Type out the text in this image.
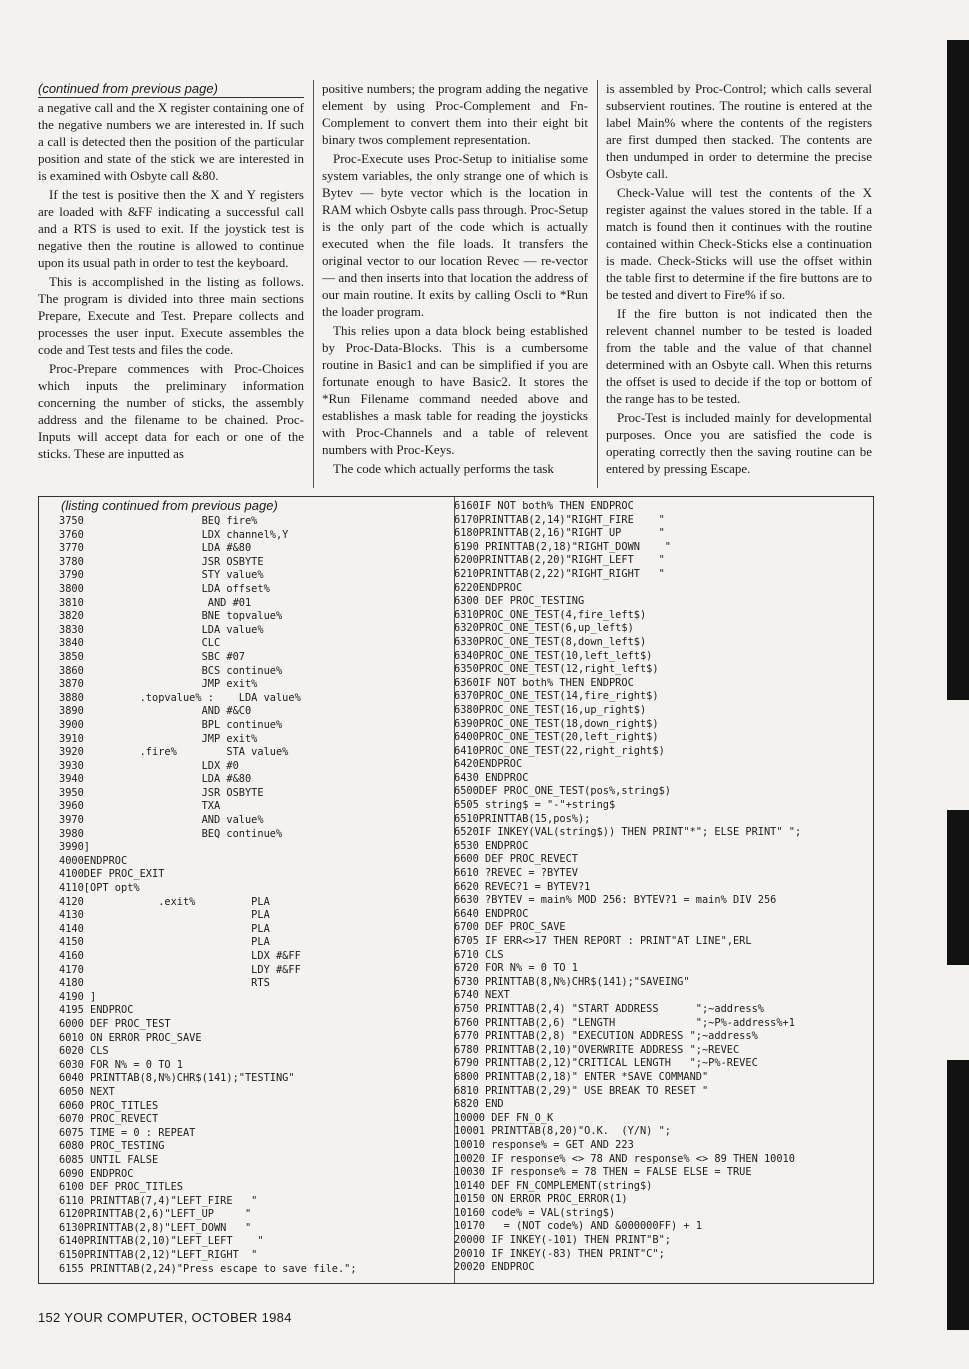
(continued from previous page)

a negative call and the X register containing one of the negative numbers we are interested in. If such a call is detected then the position of the particular position and state of the stick we are interested in is examined with Osbyte call &80.

If the test is positive then the X and Y registers are loaded with &FF indicating a successful call and a RTS is used to exit. If the joystick test is negative then the routine is allowed to continue upon its usual path in order to test the keyboard.

This is accomplished in the listing as follows. The program is divided into three main sections Prepare, Execute and Test. Prepare collects and processes the user input. Execute assembles the code and Test tests and files the code.

Proc-Prepare commences with Proc-Choices which inputs the preliminary information concerning the number of sticks, the assembly address and the filename to be chained. Proc-Inputs will accept data for each or one of the sticks. These are inputted as

positive numbers; the program adding the negative element by using Proc-Complement and Fn-Complement to convert them into their eight bit binary twos complement representation.

Proc-Execute uses Proc-Setup to initialise some system variables, the only strange one of which is Bytev — byte vector which is the location in RAM which Osbyte calls pass through. Proc-Setup is the only part of the code which is actually executed when the file loads. It transfers the original vector to our location Revec — re-vector — and then inserts into that location the address of our main routine. It exits by calling Oscli to *Run the loader program.

This relies upon a data block being established by Proc-Data-Blocks. This is a cumbersome routine in Basic1 and can be simplified if you are fortunate enough to have Basic2. It stores the *Run Filename command needed above and establishes a mask table for reading the joysticks with Proc-Channels and a table of relevent numbers with Proc-Keys.

The code which actually performs the task

is assembled by Proc-Control; which calls several subservient routines. The routine is entered at the label Main% where the contents of the registers are first dumped then stacked. The contents are then undumped in order to determine the precise Osbyte call.

Check-Value will test the contents of the X register against the values stored in the table. If a match is found then it continues with the routine contained within Check-Sticks else a continuation is made. Check-Sticks will use the offset within the table first to determine if the fire buttons are to be tested and divert to Fire% if so.

If the fire button is not indicated then the relevent channel number to be tested is loaded from the table and the value of that channel determined with an Osbyte call. When this returns the offset is used to decide if the top or bottom of the range has to be tested.

Proc-Test is included mainly for developmental purposes. Once you are satisfied the code is operating correctly then the saving routine can be entered by pressing Escape.

(listing continued from previous page)
3750                   BEQ fire%
3760                   LDX channel%,Y
3770                   LDA #&80
3780                   JSR OSBYTE
3790                   STY value%
3800                   LDA offset%
3810                    AND #01
3820                   BNE topvalue%
3830                   LDA value%
3840                   CLC
3850                   SBC #07
3860                   BCS continue%
3870                   JMP exit%
3880         .topvalue% :    LDA value%
3890                   AND #&C0
3900                   BPL continue%
3910                   JMP exit%
3920         .fire%        STA value%
3930                   LDX #0
3940                   LDA #&80
3950                   JSR OSBYTE
3960                   TXA
3970                   AND value%
3980                   BEQ continue%
3990]
4000ENDPROC
4100DEF PROC_EXIT
4110[OPT opt%
4120            .exit%         PLA
4130                           PLA
4140                           PLA
4150                           PLA
4160                           LDX #&FF
4170                           LDY #&FF
4180                           RTS
4190 ]
4195 ENDPROC
6000 DEF PROC_TEST
6010 ON ERROR PROC_SAVE
6020 CLS
6030 FOR N% = 0 TO 1
6040 PRINTTAB(8,N%)CHR$(141);"TESTING"
6050 NEXT
6060 PROC_TITLES
6070 PROC_REVECT
6075 TIME = 0 : REPEAT
6080 PROC_TESTING
6085 UNTIL FALSE
6090 ENDPROC
6100 DEF PROC_TITLES
6110 PRINTTAB(7,4)"LEFT_FIRE   "
6120PRINTTAB(2,6)"LEFT_UP     "
6130PRINTTAB(2,8)"LEFT_DOWN   "
6140PRINTTAB(2,10)"LEFT_LEFT    "
6150PRINTTAB(2,12)"LEFT_RIGHT  "
6155 PRINTTAB(2,24)"Press escape to save file.";

6160IF NOT both% THEN ENDPROC
6170PRINTTAB(2,14)"RIGHT_FIRE    "
6180PRINTTAB(2,16)"RIGHT UP      "
6190 PRINTTAB(2,18)"RIGHT_DOWN    "
6200PRINTTAB(2,20)"RIGHT_LEFT    "
6210PRINTTAB(2,22)"RIGHT_RIGHT   "
6220ENDPROC
6300 DEF PROC_TESTING
6310PROC_ONE_TEST(4,fire_left$)
6320PROC_ONE_TEST(6,up_left$)
6330PROC_ONE_TEST(8,down_left$)
6340PROC_ONE_TEST(10,left_left$)
6350PROC_ONE_TEST(12,right_left$)
6360IF NOT both% THEN ENDPROC
6370PROC_ONE_TEST(14,fire_right$)
6380PROC_ONE_TEST(16,up_right$)
6390PROC_ONE_TEST(18,down_right$)
6400PROC_ONE_TEST(20,left_right$)
6410PROC_ONE_TEST(22,right_right$)
6420ENDPROC
6430 ENDPROC
6500DEF PROC_ONE_TEST(pos%,string$)
6505 string$ = "-"+string$
6510PRINTTAB(15,pos%);
6520IF INKEY(VAL(string$)) THEN PRINT"*"; ELSE PRINT" ";
6530 ENDPROC
6600 DEF PROC_REVECT
6610 ?REVEC = ?BYTEV
6620 REVEC?1 = BYTEV?1
6630 ?BYTEV = main% MOD 256: BYTEV?1 = main% DIV 256
6640 ENDPROC
6700 DEF PROC_SAVE
6705 IF ERR<>17 THEN REPORT : PRINT"AT LINE",ERL
6710 CLS
6720 FOR N% = 0 TO 1
6730 PRINTTAB(8,N%)CHR$(141);"SAVEING"
6740 NEXT
6750 PRINTTAB(2,4) "START ADDRESS      ";~address%
6760 PRINTTAB(2,6) "LENGTH             ";~P%-address%+1
6770 PRINTTAB(2,8) "EXECUTION ADDRESS ";~address%
6780 PRINTTAB(2,10)"OVERWRITE ADDRESS ";~REVEC
6790 PRINTTAB(2,12)"CRITICAL LENGTH   ";~P%-REVEC
6800 PRINTTAB(2,18)" ENTER *SAVE COMMAND"
6810 PRINTTAB(2,29)" USE BREAK TO RESET "
6820 END
10000 DEF FN_O_K
10001 PRINTTAB(8,20)"O.K.  (Y/N) ";
10010 response% = GET AND 223
10020 IF response% <> 78 AND response% <> 89 THEN 10010
10030 IF response% = 78 THEN = FALSE ELSE = TRUE
10140 DEF FN_COMPLEMENT(string$)
10150 ON ERROR PROC_ERROR(1)
10160 code% = VAL(string$)
10170   = (NOT code%) AND &000000FF) + 1
20000 IF INKEY(-101) THEN PRINT"B";
20010 IF INKEY(-83) THEN PRINT"C";
20020 ENDPROC

152 YOUR COMPUTER, OCTOBER 1984
